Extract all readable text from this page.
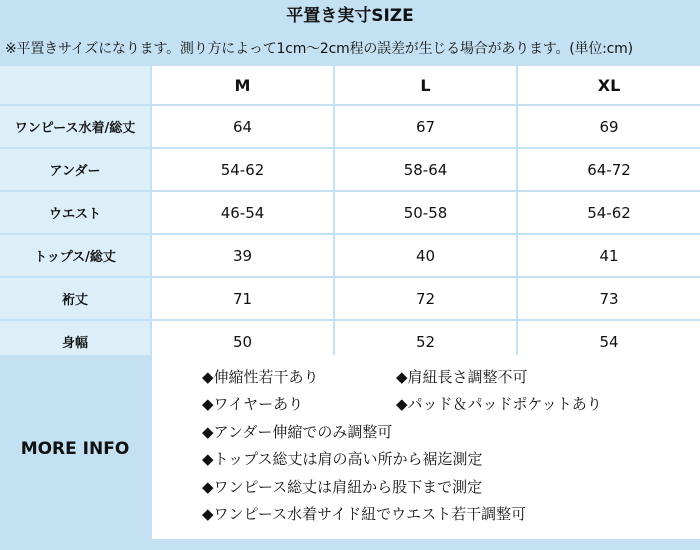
平置き実寸SIZE
※平置きサイズになります。測り方によって1cm～2cm程の誤差が生じる場合があります。(単位:cm)
	M	L	XL
ワンピース水着/総丈	64	67	69
アンダー	54-62	58-64	64-72
ウエスト	46-54	50-58	54-62
トップス/総丈	39	40	41
裄丈	71	72	73
身幅	50	52	54

MORE INFO
◆伸縮性若干あり	◆肩紐長さ調整不可
◆ワイヤーあり	◆パッド＆パッドポケットあり
◆アンダー伸縮でのみ調整可
◆トップス総丈は肩の高い所から裾迄測定
◆ワンピース総丈は肩紐から股下まで測定
◆ワンピース水着サイド紐でウエスト若干調整可
